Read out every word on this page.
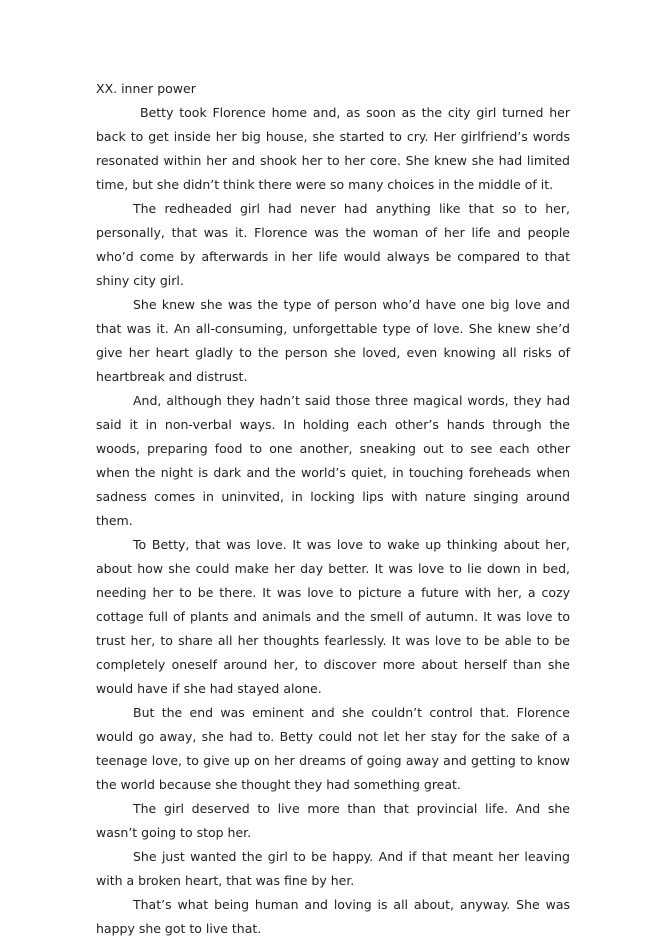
XX. inner power

Betty took Florence home and, as soon as the city girl turned her back to get inside her big house, she started to cry. Her girlfriend’s words resonated within her and shook her to her core. She knew she had limited time, but she didn’t think there were so many choices in the middle of it.

The redheaded girl had never had anything like that so to her, personally, that was it. Florence was the woman of her life and people who’d come by afterwards in her life would always be compared to that shiny city girl.

She knew she was the type of person who’d have one big love and that was it. An all-consuming, unforgettable type of love. She knew she’d give her heart gladly to the person she loved, even knowing all risks of heartbreak and distrust.

And, although they hadn’t said those three magical words, they had said it in non-verbal ways. In holding each other’s hands through the woods, preparing food to one another, sneaking out to see each other when the night is dark and the world’s quiet, in touching foreheads when sadness comes in uninvited, in locking lips with nature singing around them.

To Betty, that was love. It was love to wake up thinking about her, about how she could make her day better. It was love to lie down in bed, needing her to be there. It was love to picture a future with her, a cozy cottage full of plants and animals and the smell of autumn. It was love to trust her, to share all her thoughts fearlessly. It was love to be able to be completely oneself around her, to discover more about herself than she would have if she had stayed alone.

But the end was eminent and she couldn’t control that. Florence would go away, she had to. Betty could not let her stay for the sake of a teenage love, to give up on her dreams of going away and getting to know the world because she thought they had something great.

The girl deserved to live more than that provincial life. And she wasn’t going to stop her.

She just wanted the girl to be happy. And if that meant her leaving with a broken heart, that was fine by her.

That’s what being human and loving is all about, anyway. She was happy she got to live that.
